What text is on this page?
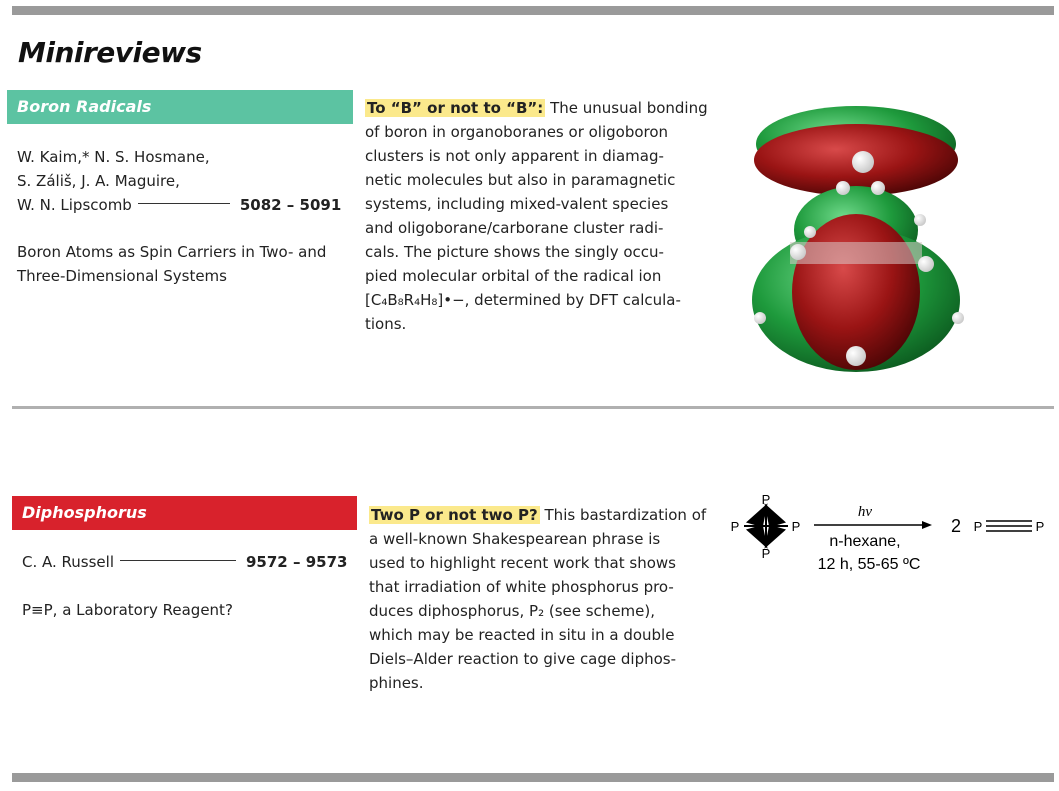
Minireviews
Boron Radicals
W. Kaim,* N. S. Hosmane,
S. Záliš, J. A. Maguire,
W. N. Lipscomb	5082 – 5091
Boron Atoms as Spin Carriers in Two- and
Three-Dimensional Systems
To “B” or not to “B”: The unusual bonding
of boron in organoboranes or oligoboron
clusters is not only apparent in diamag-
netic molecules but also in paramagnetic
systems, including mixed-valent species
and oligoborane/carborane cluster radi-
cals. The picture shows the singly occu-
pied molecular orbital of the radical ion
[C₄B₈R₄H₈]•−, determined by DFT calcula-
tions.
Diphosphorus
C. A. Russell	9572 – 9573
P≡P, a Laboratory Reagent?
Two P or not two P? This bastardization of
a well-known Shakespearean phrase is
used to highlight recent work that shows
that irradiation of white phosphorus pro-
duces diphosphorus, P₂ (see scheme),
which may be reacted in situ in a double
Diels–Alder reaction to give cage diphos-
phines.
P
P	P
P
hν
n-hexane,
12 h, 55-65 ºC
2 P	P
